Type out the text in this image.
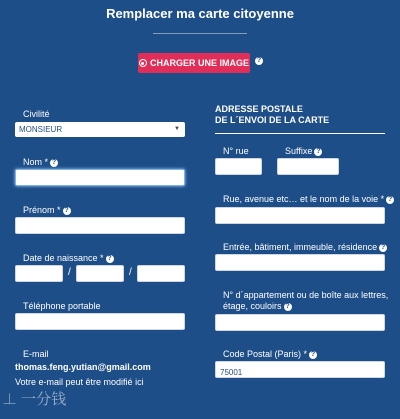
Remplacer ma carte citoyenne
CHARGER UNE IMAGE ?
Civilité
MONSIEUR	▼
Nom * ?
Prénom * ?
Date de naissance * ?
/	/
Téléphone portable
E-mail
thomas.feng.yutian@gmail.com
Votre e-mail peut être modifié ici
ADRESSE POSTALE
DE L´ENVOI DE LA CARTE
N° rue	Suffixe ?
Rue, avenue etc… et le nom de la voie * ?
Entrée, bâtiment, immeuble, résidence ?
N° d´appartement ou de boîte aux lettres,
étage, couloirs ?
Code Postal (Paris) * ?
75001
⊥ 一分钱
